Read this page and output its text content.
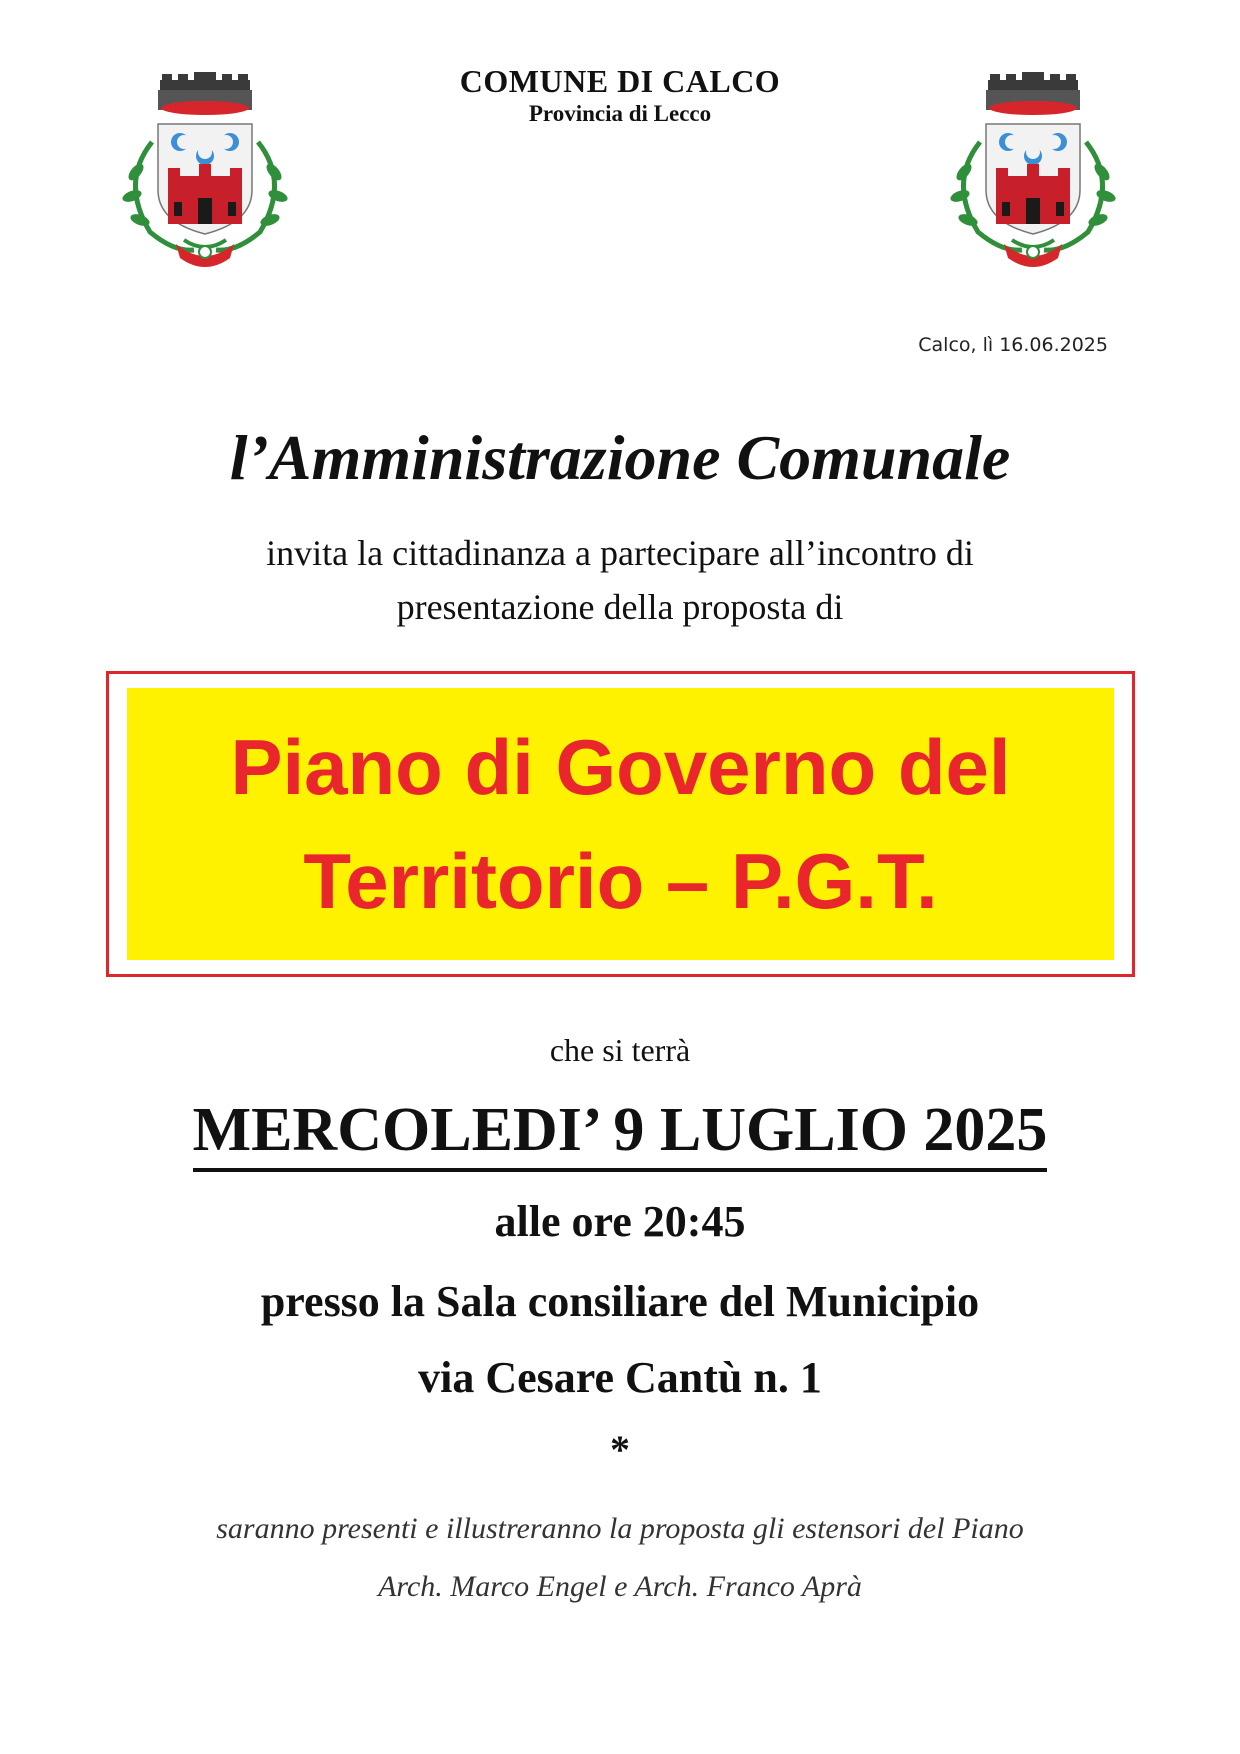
COMUNE DI CALCO
Provincia di Lecco
Calco, lì 16.06.2025
l’Amministrazione Comunale
invita la cittadinanza a partecipare all’incontro di
presentazione della proposta di
Piano di Governo del
Territorio – P.G.T.
che si terrà
MERCOLEDI’ 9 LUGLIO 2025
alle ore 20:45
presso la Sala consiliare del Municipio
via Cesare Cantù n. 1
*
saranno presenti e illustreranno la proposta gli estensori del Piano
Arch. Marco Engel e Arch. Franco Aprà
